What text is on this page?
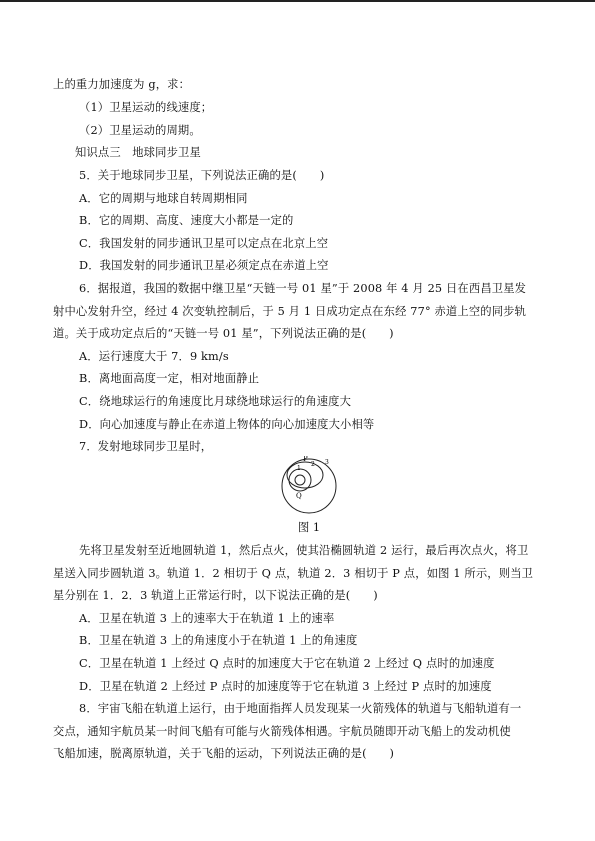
上的重力加速度为 g，求：
（1）卫星运动的线速度；
（2）卫星运动的周期。
知识点三　地球同步卫星
5．关于地球同步卫星，下列说法正确的是(　　)
A．它的周期与地球自转周期相同
B．它的周期、高度、速度大小都是一定的
C．我国发射的同步通讯卫星可以定点在北京上空
D．我国发射的同步通讯卫星必须定点在赤道上空
6．据报道，我国的数据中继卫星“天链一号 01 星”于 2008 年 4 月 25 日在西昌卫星发
射中心发射升空，经过 4 次变轨控制后，于 5 月 1 日成功定点在东经 77° 赤道上空的同步轨
道。关于成功定点后的“天链一号 01 星”，下列说法正确的是(　　)
A．运行速度大于 7．9 km/s
B．离地面高度一定，相对地面静止
C．绕地球运行的角速度比月球绕地球运行的角速度大
D．向心加速度与静止在赤道上物体的向心加速度大小相等
7．发射地球同步卫星时，
P
Q
1
2 3
图 1
先将卫星发射至近地圆轨道 1，然后点火，使其沿椭圆轨道 2 运行，最后再次点火，将卫
星送入同步圆轨道 3。轨道 1．2 相切于 Q 点，轨道 2．3 相切于 P 点，如图 1 所示，则当卫
星分别在 1．2．3 轨道上正常运行时，以下说法正确的是(　　)
A．卫星在轨道 3 上的速率大于在轨道 1 上的速率
B．卫星在轨道 3 上的角速度小于在轨道 1 上的角速度
C．卫星在轨道 1 上经过 Q 点时的加速度大于它在轨道 2 上经过 Q 点时的加速度
D．卫星在轨道 2 上经过 P 点时的加速度等于它在轨道 3 上经过 P 点时的加速度
8．宇宙飞船在轨道上运行，由于地面指挥人员发现某一火箭残体的轨道与飞船轨道有一
交点，通知宇航员某一时间飞船有可能与火箭残体相遇。宇航员随即开动飞船上的发动机使
飞船加速，脱离原轨道，关于飞船的运动，下列说法正确的是(　　)
